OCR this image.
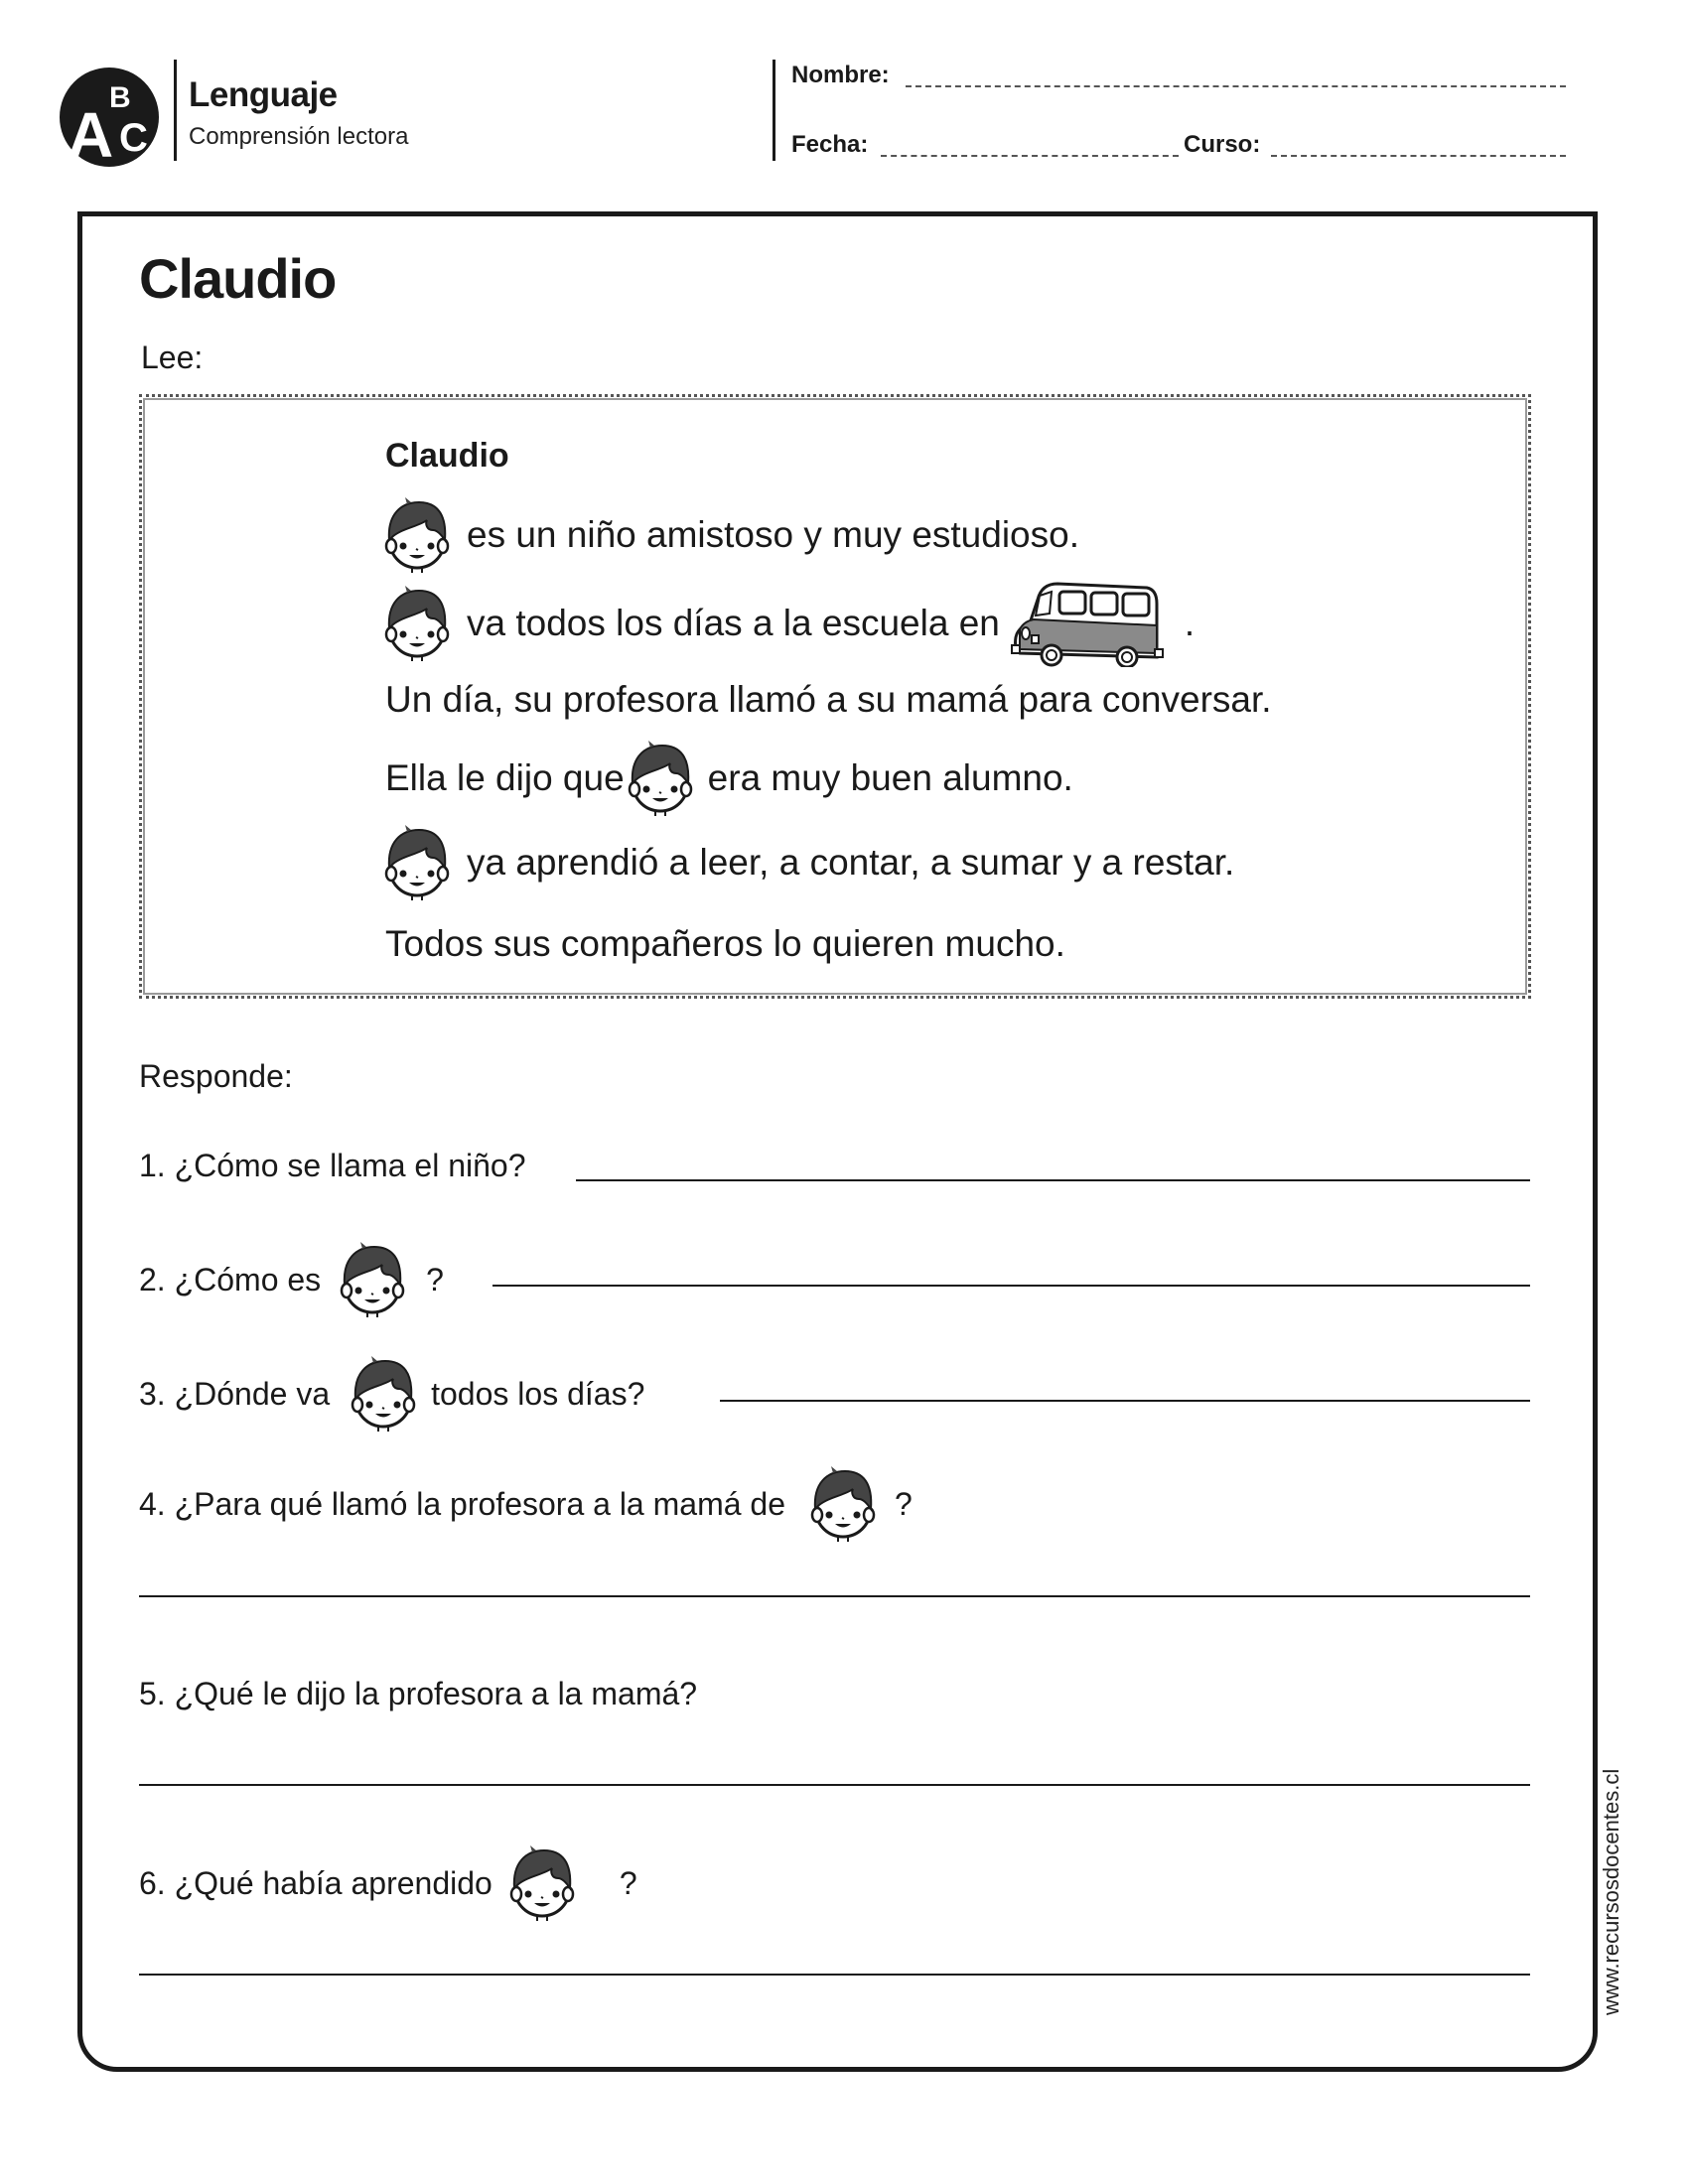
A
B
C
Lenguaje
Comprensión lectora
Nombre:
Fecha:	Curso:
Claudio
Lee:
Claudio
es un niño amistoso y muy estudioso.
va todos los días a la escuela en	.
Un día, su profesora llamó a su mamá para conversar.
Ella le dijo que era muy buen alumno.
ya aprendió a leer, a contar, a sumar y a restar.
Todos sus compañeros lo quieren mucho.
Responde:
1. ¿Cómo se llama el niño?
2. ¿Cómo es	?
3. ¿Dónde va	todos los días?
4. ¿Para qué llamó la profesora a la mamá de	?
5. ¿Qué le dijo la profesora a la mamá?
6. ¿Qué había aprendido	?	www.recursosdocentes.cl
